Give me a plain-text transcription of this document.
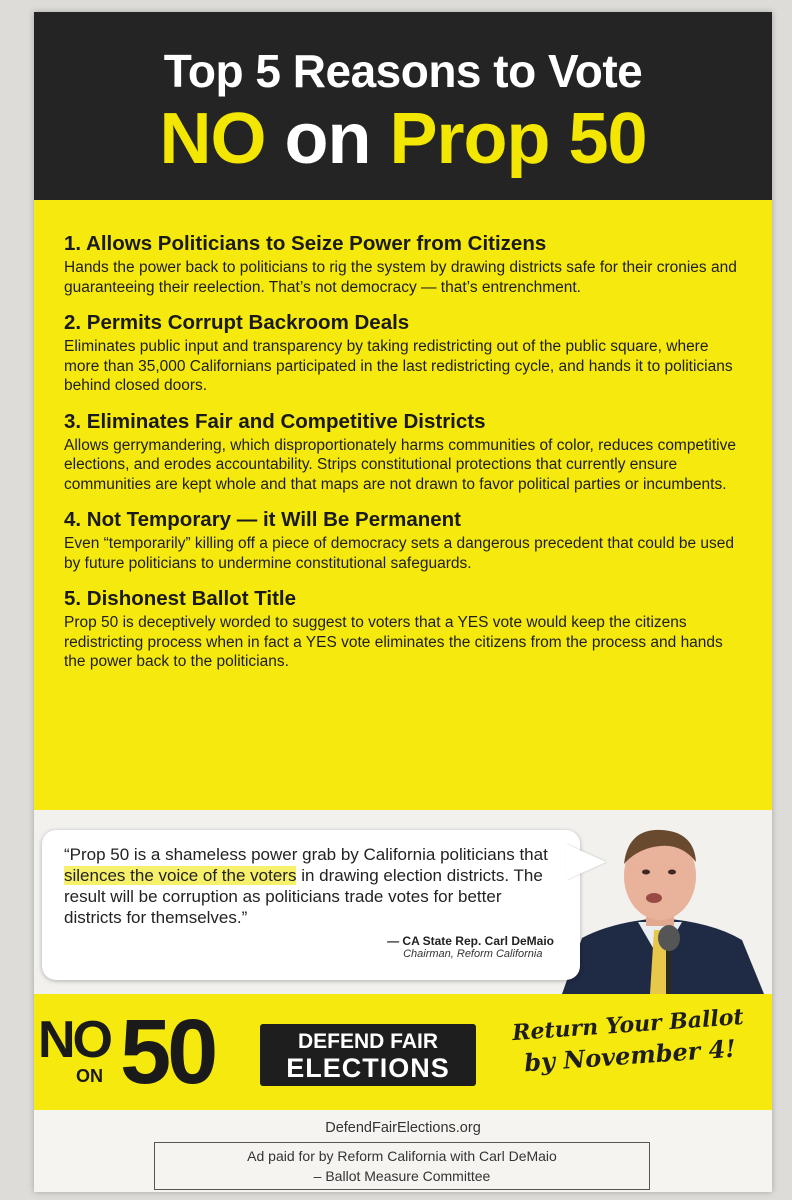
Top 5 Reasons to Vote
NO on Prop 50
1. Allows Politicians to Seize Power from Citizens

Hands the power back to politicians to rig the system by drawing districts safe for their cronies and guaranteeing their reelection. That’s not democracy — that’s entrenchment.

2. Permits Corrupt Backroom Deals

Eliminates public input and transparency by taking redistricting out of the public square, where more than 35,000 Californians participated in the last redistricting cycle, and hands it to politicians behind closed doors.

3. Eliminates Fair and Competitive Districts

Allows gerrymandering, which disproportionately harms communities of color, reduces competitive elections, and erodes accountability. Strips constitutional protections that currently ensure communities are kept whole and that maps are not drawn to favor political parties or incumbents.

4. Not Temporary — it Will Be Permanent

Even “temporarily” killing off a piece of democracy sets a dangerous precedent that could be used by future politicians to undermine constitutional safeguards.

5. Dishonest Ballot Title

Prop 50 is deceptively worded to suggest to voters that a YES vote would keep the citizens redistricting process when in fact a YES vote eliminates the citizens from the process and hands the power back to the politicians.

“Prop 50 is a shameless power grab by California politicians that silences the voice of the voters in drawing election districts. The result will be corruption as politicians trade votes for better districts for themselves.”
— CA State Rep. Carl DeMaio
Chairman, Reform California
NO
ON 50	DEFEND FAIR
ELECTIONS
Return Your Ballot
by November 4!
DefendFairElections.org
Ad paid for by Reform California with Carl DeMaio
– Ballot Measure Committee
